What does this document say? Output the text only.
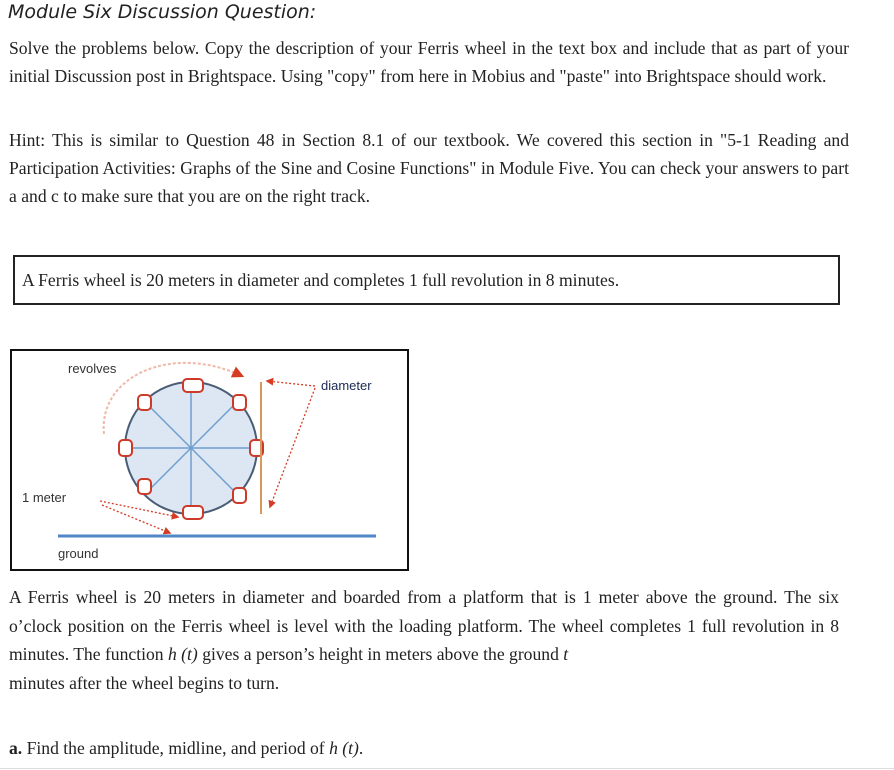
Module Six Discussion Question:
Solve the problems below. Copy the description of your Ferris wheel in the text box and include that as part of your initial Discussion post in Brightspace. Using "copy" from here in Mobius and "paste" into Brightspace should work.
Hint: This is similar to Question 48 in Section 8.1 of our textbook. We covered this section in "5-1 Reading and Participation Activities: Graphs of the Sine and Cosine Functions" in Module Five. You can check your answers to part a and c to make sure that you are on the right track.
A Ferris wheel is 20 meters in diameter and completes 1 full revolution in 8 minutes.
revolves
diameter
1 meter
ground
A Ferris wheel is 20 meters in diameter and boarded from a platform that is 1 meter above the ground. The six o’clock position on the Ferris wheel is level with the loading platform. The wheel completes 1 full revolution in 8 minutes. The function h (t) gives a person’s height in meters above the ground t
minutes after the wheel begins to turn.
a. Find the amplitude, midline, and period of h (t).
